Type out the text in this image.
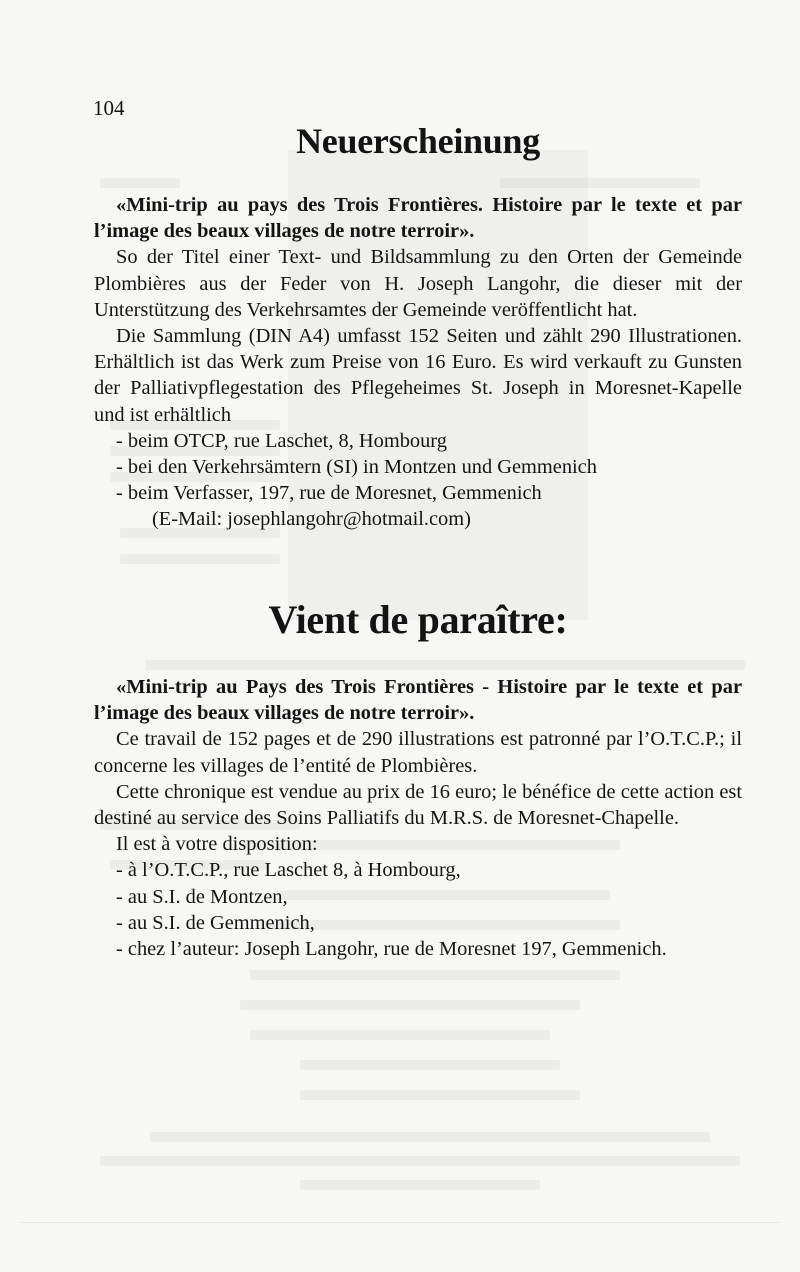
104
Neuerscheinung

«Mini-trip au pays des Trois Frontières. Histoire par le texte et par l’image des beaux villages de notre terroir».

So der Titel einer Text- und Bildsammlung zu den Orten der Gemeinde Plombières aus der Feder von H. Joseph Langohr, die dieser mit der Unterstützung des Verkehrsamtes der Gemeinde veröffentlicht hat.

Die Sammlung (DIN A4) umfasst 152 Seiten und zählt 290 Illustrationen. Erhältlich ist das Werk zum Preise von 16 Euro. Es wird verkauft zu Gunsten der Palliativpflegestation des Pflegeheimes St. Joseph in Moresnet-Kapelle und ist erhältlich

- beim OTCP, rue Laschet, 8, Hombourg

- bei den Verkehrsämtern (SI) in Montzen und Gemmenich

- beim Verfasser, 197, rue de Moresnet, Gemmenich

(E-Mail: josephlangohr@hotmail.com)

Vient de paraître:

«Mini-trip au Pays des Trois Frontières - Histoire par le texte et par l’image des beaux villages de notre terroir».

Ce travail de 152 pages et de 290 illustrations est patronné par l’O.T.C.P.; il concerne les villages de l’entité de Plombières.

Cette chronique est vendue au prix de 16 euro; le bénéfice de cette action est destiné au service des Soins Palliatifs du M.R.S. de Moresnet-Chapelle.

Il est à votre disposition:

- à l’O.T.C.P., rue Laschet 8, à Hombourg,

- au S.I. de Montzen,

- au S.I. de Gemmenich,

- chez l’auteur: Joseph Langohr, rue de Moresnet 197, Gemmenich.
